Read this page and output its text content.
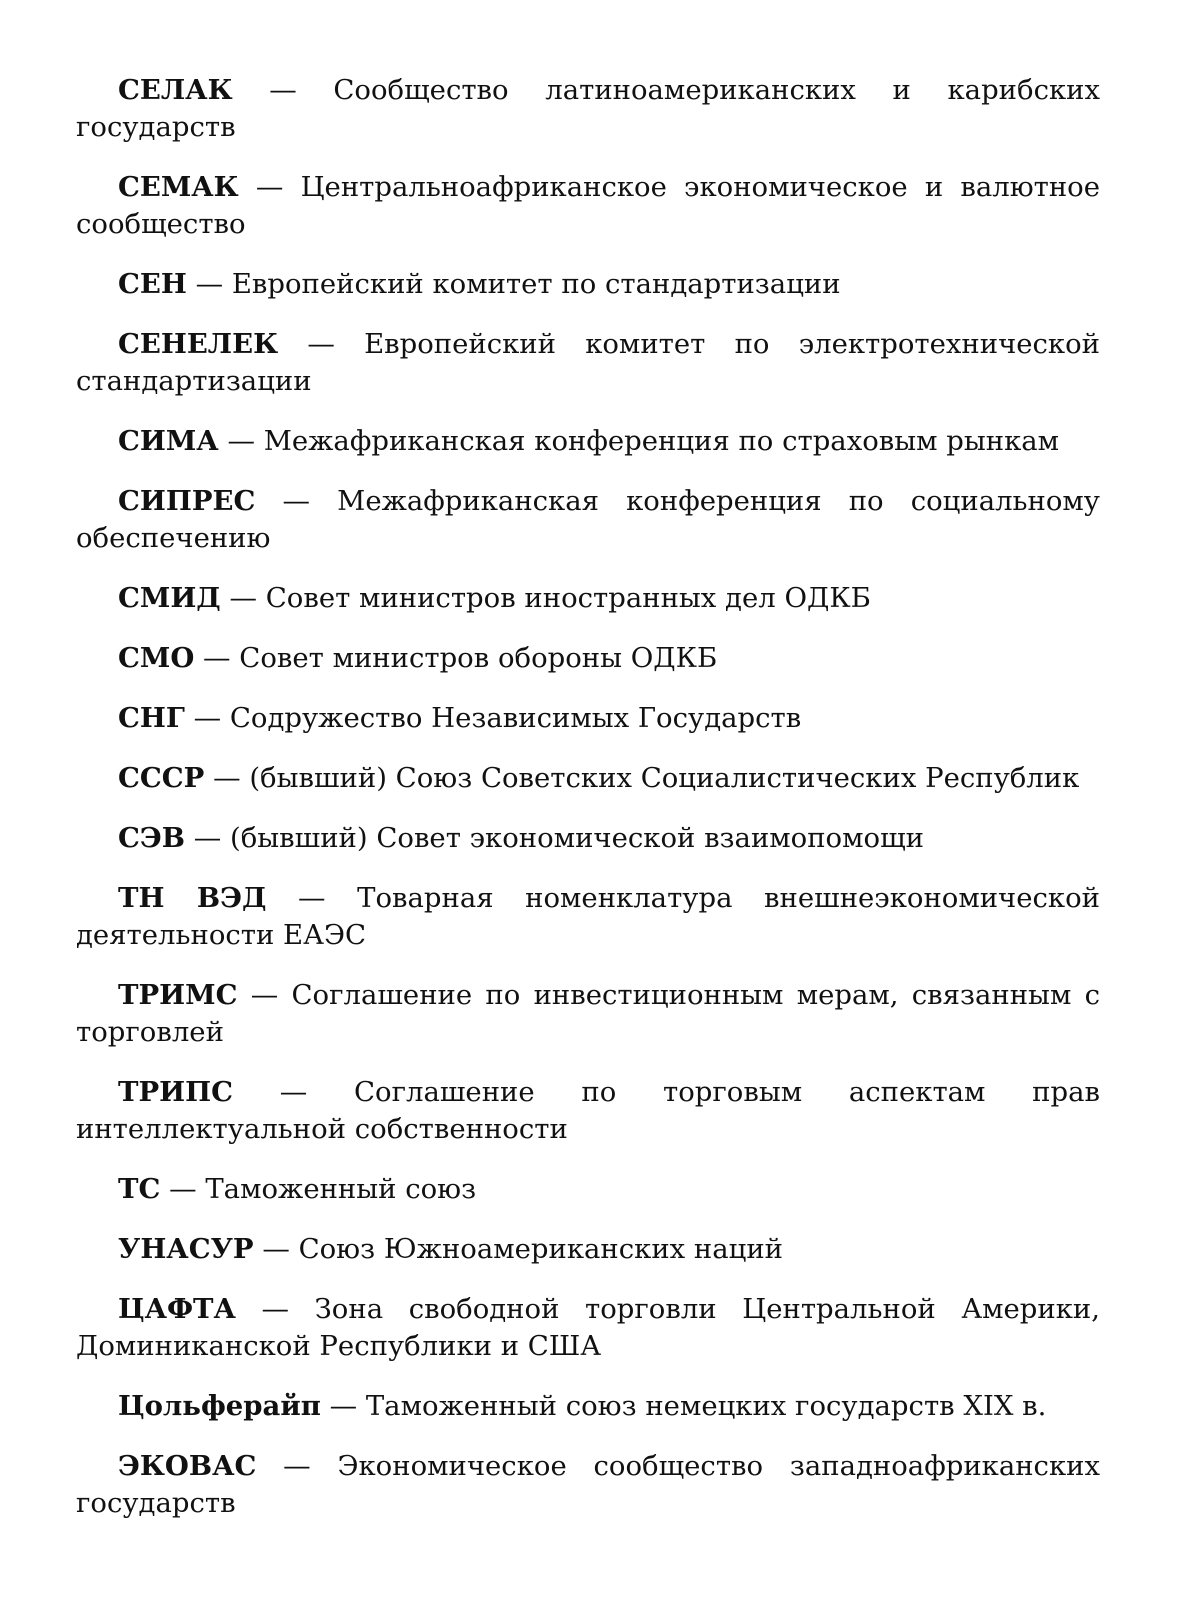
СЕЛАК — Сообщество латиноамериканских и карибских государств

СЕМАК — Центральноафриканское экономическое и валютное сообщество

СЕН — Европейский комитет по стандартизации

СЕНЕЛЕК — Европейский комитет по электротехнической стандартизации

СИМА — Межафриканская конференция по страховым рынкам

СИПРЕС — Межафриканская конференция по социальному обеспечению

СМИД — Совет министров иностранных дел ОДКБ

СМО — Совет министров обороны ОДКБ

СНГ — Содружество Независимых Государств

СССР — (бывший) Союз Советских Социалистических Республик

СЭВ — (бывший) Совет экономической взаимопомощи

ТН ВЭД — Товарная номенклатура внешнеэкономической деятельности ЕАЭС

ТРИМС — Соглашение по инвестиционным мерам, связанным с торговлей

ТРИПС — Соглашение по торговым аспектам прав интеллектуальной собственности

ТС — Таможенный союз

УНАСУР — Союз Южноамериканских наций

ЦАФТА — Зона свободной торговли Центральной Америки, Доминиканской Республики и США

Цольферайп — Таможенный союз немецких государств XIX в.

ЭКОВАС — Экономическое сообщество западноафриканских государств
